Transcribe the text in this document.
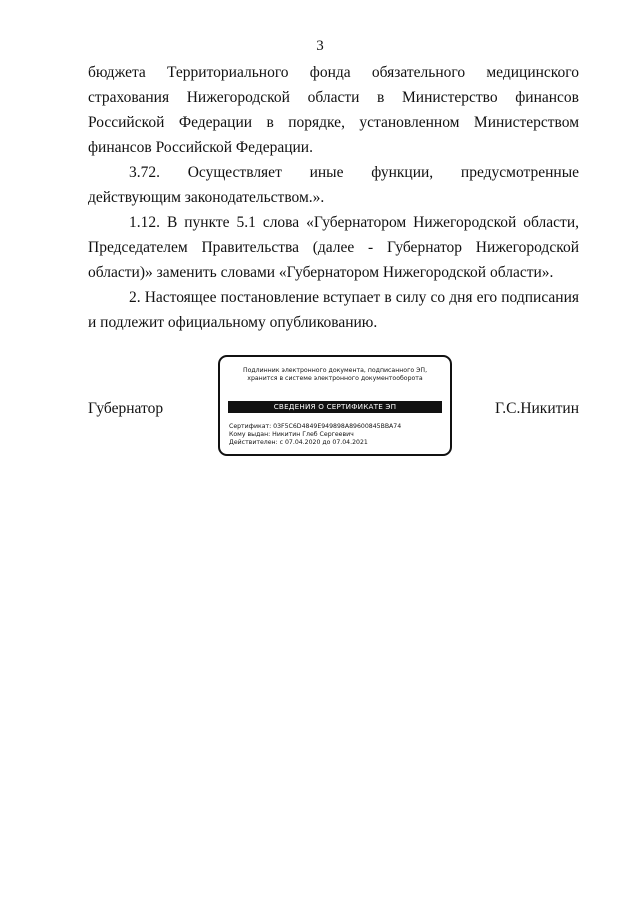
3

бюджета Территориального фонда обязательного медицинского страхования Нижегородской области в Министерство финансов Российской Федерации в порядке, установленном Министерством финансов Российской Федерации.

3.72. Осуществляет иные функции, предусмотренные действующим законодательством.».

1.12. В пункте 5.1 слова «Губернатором Нижегородской области, Председателем Правительства (далее - Губернатор Нижегородской области)» заменить словами «Губернатором Нижегородской области».

2. Настоящее постановление вступает в силу со дня его подписания и подлежит официальному опубликованию.

Губернатор
Подлинник электронного документа, подписанного ЭП,
хранится в системе электронного документооборота
СВЕДЕНИЯ О СЕРТИФИКАТЕ ЭП
Сертификат: 03F5C6D4849E949898A89600845BBA74
Кому выдан: Никитин Глеб Сергеевич
Действителен: с 07.04.2020 до 07.04.2021
Г.С.Никитин
